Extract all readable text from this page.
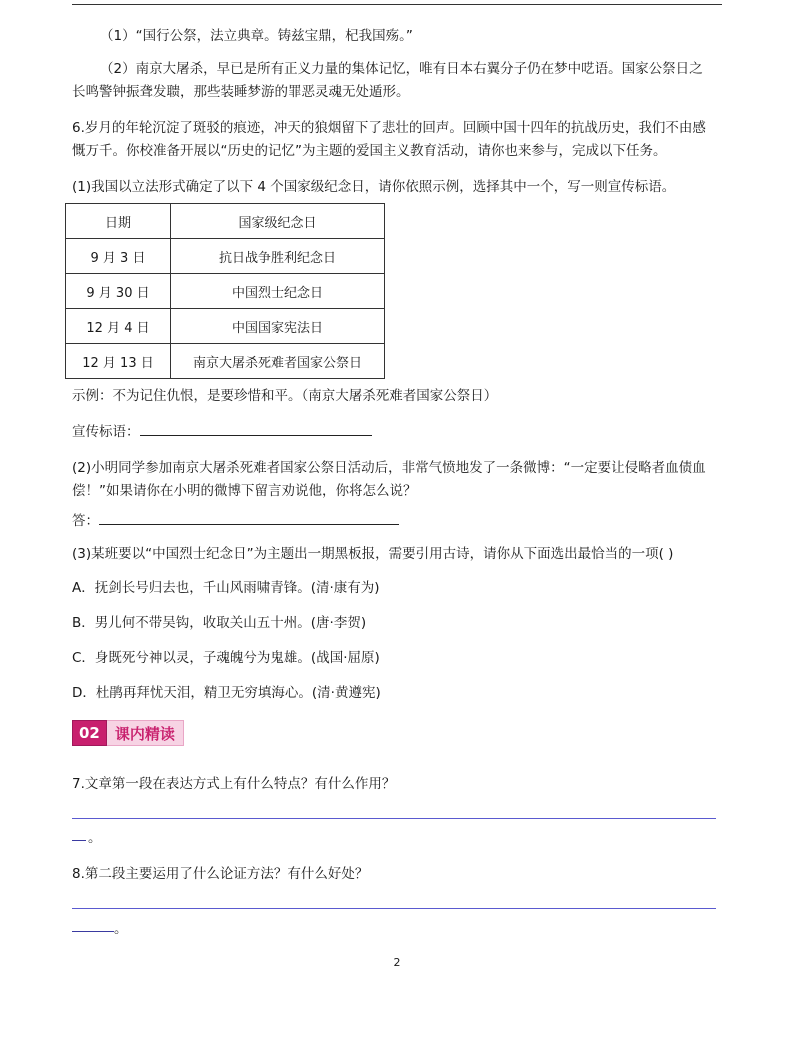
（1）“国行公祭，法立典章。铸兹宝鼎，杞我国殇。”
（2）南京大屠杀，早已是所有正义力量的集体记忆，唯有日本右翼分子仍在梦中呓语。国家公祭日之
长鸣警钟振聋发聩，那些装睡梦游的罪恶灵魂无处遁形。
6.岁月的年轮沉淀了斑驳的痕迹，冲天的狼烟留下了悲壮的回声。回顾中国十四年的抗战历史，我们不由感
慨万千。你校准备开展以“历史的记忆”为主题的爱国主义教育活动，请你也来参与，完成以下任务。
(1)我国以立法形式确定了以下 4 个国家级纪念日，请你依照示例，选择其中一个，写一则宣传标语。
日期	国家级纪念日
9 月 3 日	抗日战争胜利纪念日
9 月 30 日	中国烈士纪念日
12 月 4 日	中国国家宪法日
12 月 13 日	南京大屠杀死难者国家公祭日
示例：不为记住仇恨，是要珍惜和平。（南京大屠杀死难者国家公祭日）
宣传标语：
(2)小明同学参加南京大屠杀死难者国家公祭日活动后，非常气愤地发了一条微博：“一定要让侵略者血债血
偿！”如果请你在小明的微博下留言劝说他，你将怎么说？
答：
(3)某班要以“中国烈士纪念日”为主题出一期黑板报，需要引用古诗，请你从下面选出最恰当的一项( )
A．抚剑长号归去也，千山风雨啸青锋。(清·康有为)
B．男儿何不带吴钩，收取关山五十州。(唐·李贺)
C．身既死兮神以灵，子魂魄兮为鬼雄。(战国·屈原)
D．杜鹃再拜忧天泪，精卫无穷填海心。(清·黄遵宪)
02	课内精读
7.文章第一段在表达方式上有什么特点？有什么作用？
。
8.第二段主要运用了什么论证方法？有什么好处？
。
2
